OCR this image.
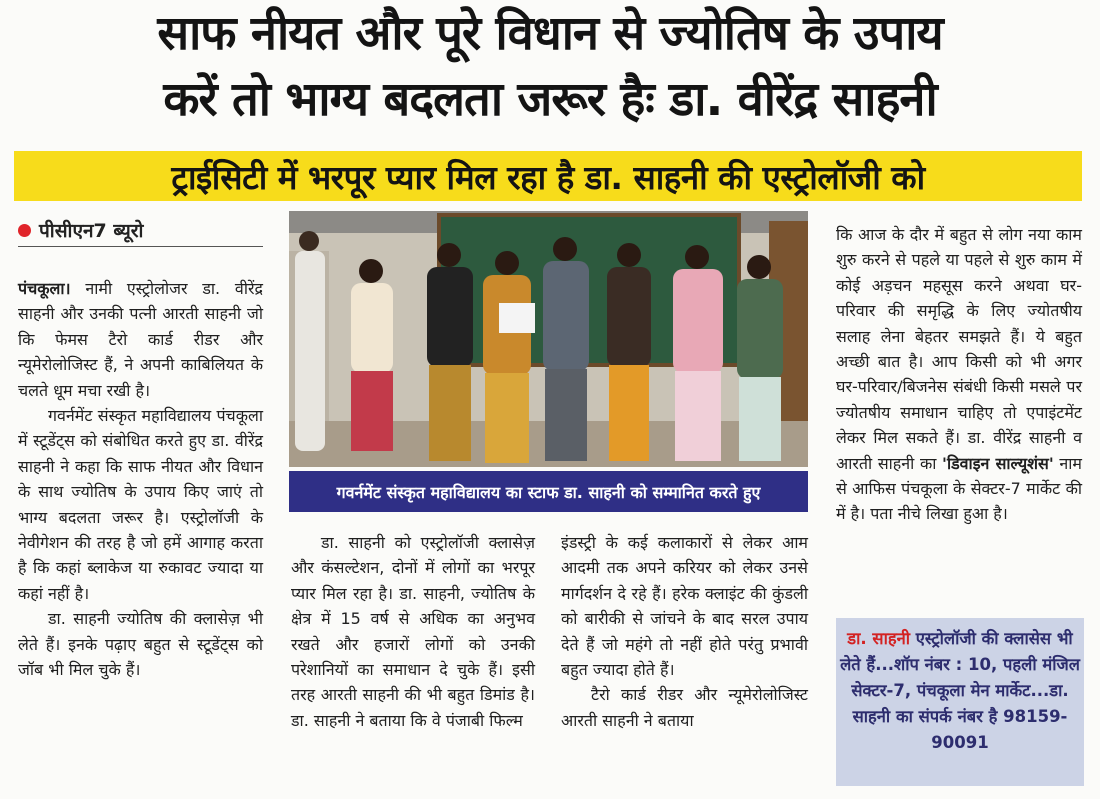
साफ नीयत और पूरे विधान से ज्योतिष के उपाय
करें तो भाग्य बदलता जरूर हैः डा. वीरेंद्र साहनी
ट्राईसिटी में भरपूर प्यार मिल रहा है डा. साहनी की एस्ट्रोलॉजी को
पीसीएन7 ब्यूरो

पंचकूला। नामी एस्ट्रोलोजर डा. वीरेंद्र साहनी और उनकी पत्नी आरती साहनी जो कि फेमस टैरो कार्ड रीडर और न्यूमेरोलोजिस्ट हैं, ने अपनी काबिलियत के चलते धूम मचा रखी है।

गवर्नमेंट संस्कृत महाविद्यालय पंचकूला में स्टूडेंट्स को संबोधित करते हुए डा. वीरेंद्र साहनी ने कहा कि साफ नीयत और विधान के साथ ज्योतिष के उपाय किए जाएं तो भाग्य बदलता जरूर है। एस्ट्रोलॉजी के नेवीगेशन की तरह है जो हमें आगाह करता है कि कहां ब्लाकेज या रुकावट ज्यादा या कहां नहीं है।

डा. साहनी ज्योतिष की क्लासेज़ भी लेते हैं। इनके पढ़ाए बहुत से स्टूडेंट्स को जॉब भी मिल चुके हैं।

गवर्नमेंट संस्कृत महाविद्यालय का स्टाफ डा. साहनी को सम्मानित करते हुए

डा. साहनी को एस्ट्रोलॉजी क्लासेज़ और कंसल्टेशन, दोनों में लोगों का भरपूर प्यार मिल रहा है। डा. साहनी, ज्योतिष के क्षेत्र में 15 वर्ष से अधिक का अनुभव रखते और हजारों लोगों को उनकी परेशानियों का समाधान दे चुके हैं। इसी तरह आरती साहनी की भी बहुत डिमांड है। डा. साहनी ने बताया कि वे पंजाबी फिल्म

इंडस्ट्री के कई कलाकारों से लेकर आम आदमी तक अपने करियर को लेकर उनसे मार्गदर्शन दे रहे हैं। हरेक क्लाइंट की कुंडली को बारीकी से जांचने के बाद सरल उपाय देते हैं जो महंगे तो नहीं होते परंतु प्रभावी बहुत ज्यादा होते हैं।

टैरो कार्ड रीडर और न्यूमेरोलोजिस्ट आरती साहनी ने बताया

कि आज के दौर में बहुत से लोग नया काम शुरु करने से पहले या पहले से शुरु काम में कोई अड़चन महसूस करने अथवा घर-परिवार की समृद्धि के लिए ज्योतषीय सलाह लेना बेहतर समझते हैं। ये बहुत अच्छी बात है। आप किसी को भी अगर घर-परिवार/बिजनेस संबंधी किसी मसले पर ज्योतषीय समाधान चाहिए तो एपाइंटमेंट लेकर मिल सकते हैं। डा. वीरेंद्र साहनी व आरती साहनी का 'डिवाइन साल्यूशंस' नाम से आफिस पंचकूला के सेक्टर-7 मार्केट की में है। पता नीचे लिखा हुआ है।

डा. साहनी एस्ट्रोलॉजी की क्लासेस भी लेते हैं...शॉप नंबर : 10, पहली मंजिल सेक्टर-7, पंचकूला मेन मार्केट...डा. साहनी का संपर्क नंबर है 98159-90091
